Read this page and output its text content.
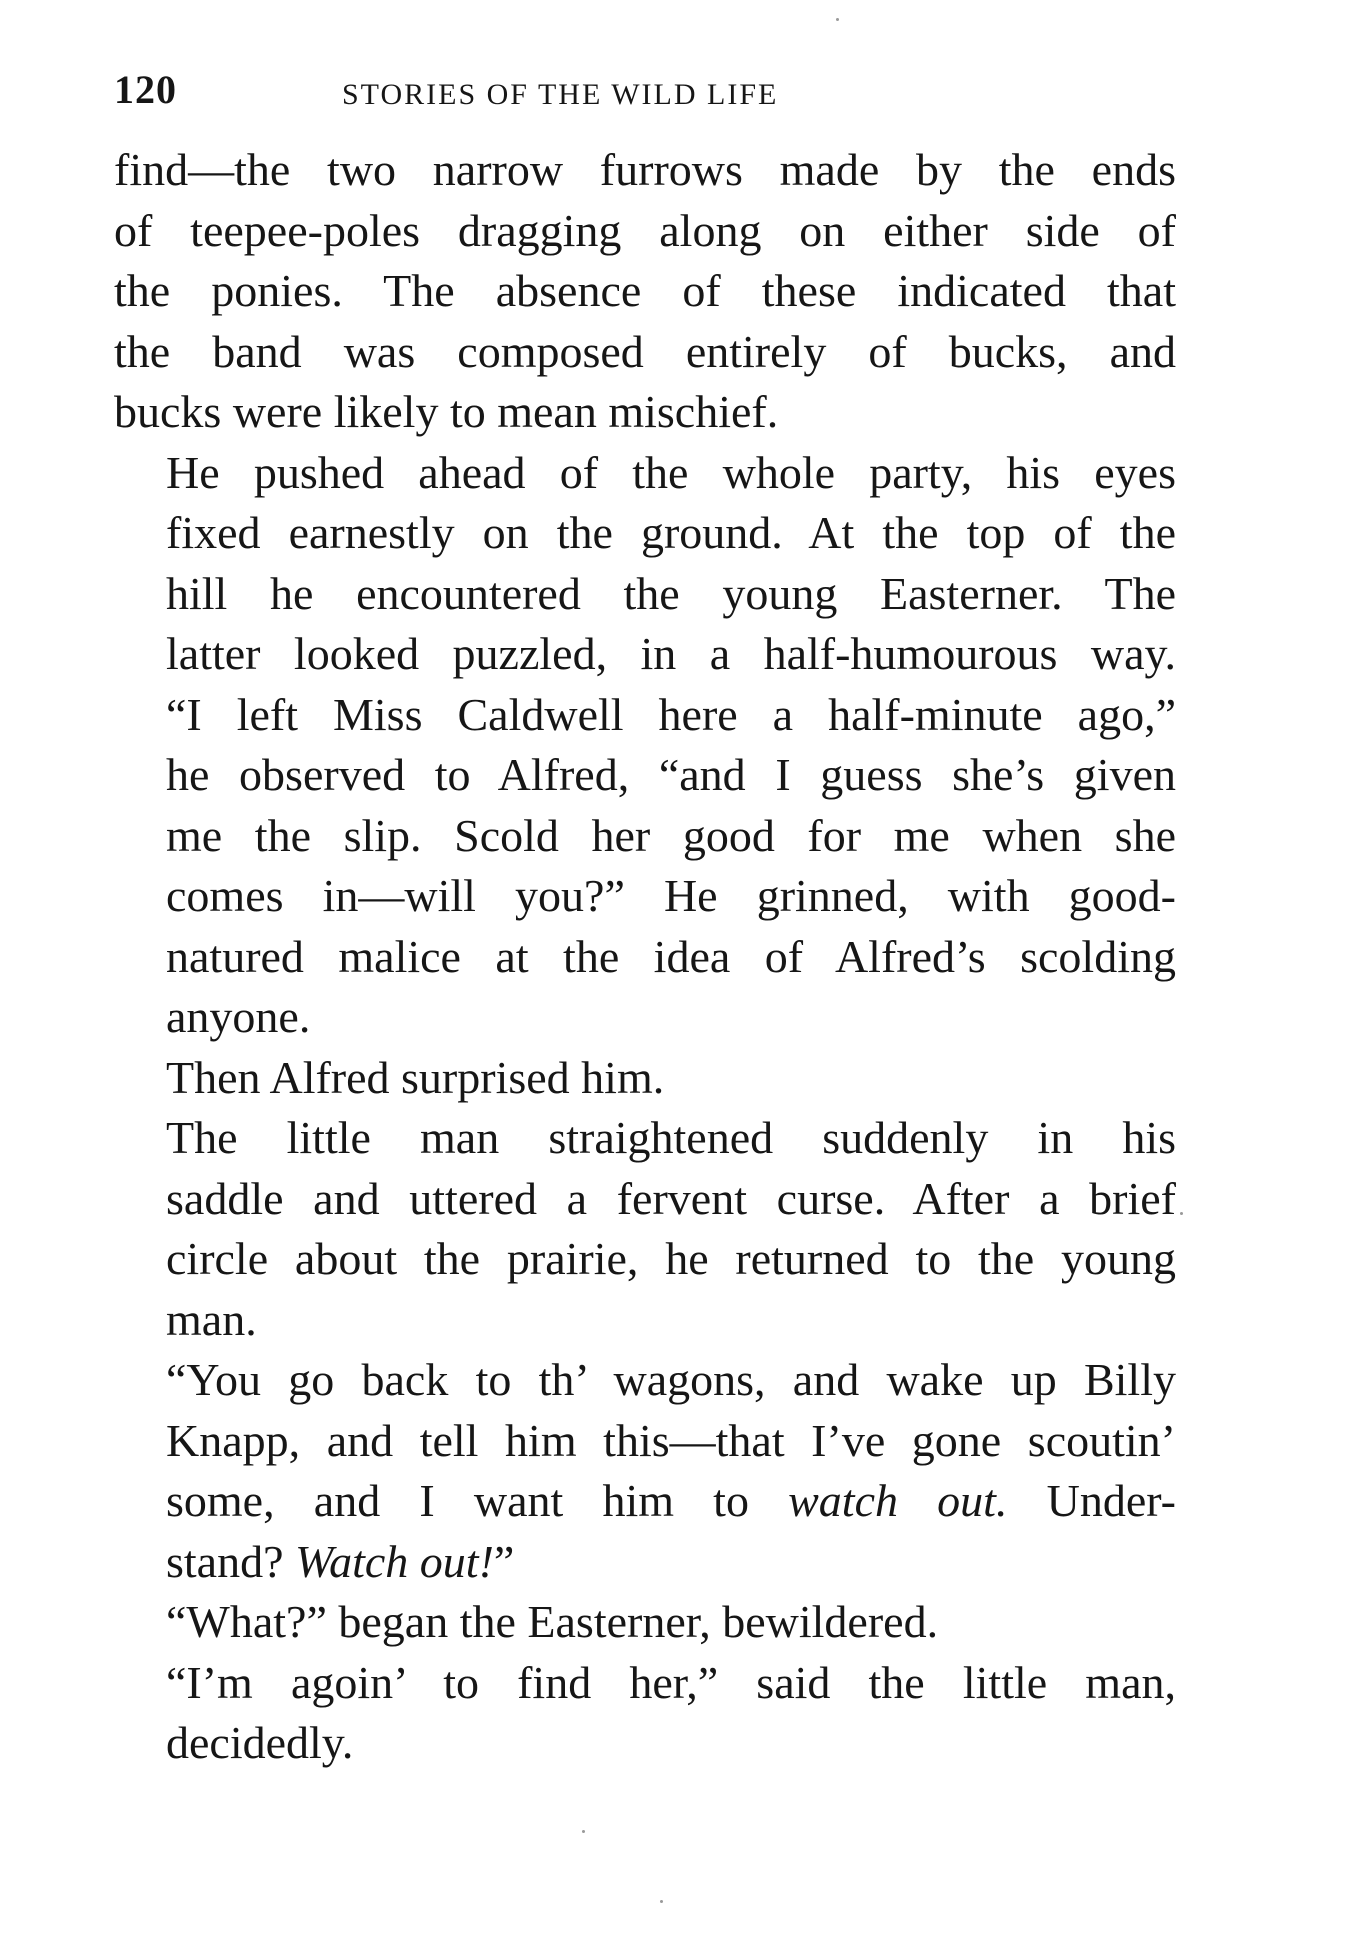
120	STORIES OF THE WILD LIFE

find—the two narrow furrows made by the ends
of teepee-poles dragging along on either side of
the ponies. The absence of these indicated that
the band was composed entirely of bucks, and
bucks were likely to mean mischief.

He pushed ahead of the whole party, his eyes
fixed earnestly on the ground. At the top of the
hill he encountered the young Easterner. The
latter looked puzzled, in a half-humourous way.

“I left Miss Caldwell here a half-minute ago,”
he observed to Alfred, “and I guess she’s given
me the slip. Scold her good for me when she
comes in—will you?” He grinned, with good-
natured malice at the idea of Alfred’s scolding
anyone.

Then Alfred surprised him.

The little man straightened suddenly in his
saddle and uttered a fervent curse. After a brief
circle about the prairie, he returned to the young
man.

“You go back to th’ wagons, and wake up Billy
Knapp, and tell him this—that I’ve gone scoutin’
some, and I want him to watch out. Under-
stand? Watch out!”

“What?” began the Easterner, bewildered.

“I’m agoin’ to find her,” said the little man,
decidedly.
